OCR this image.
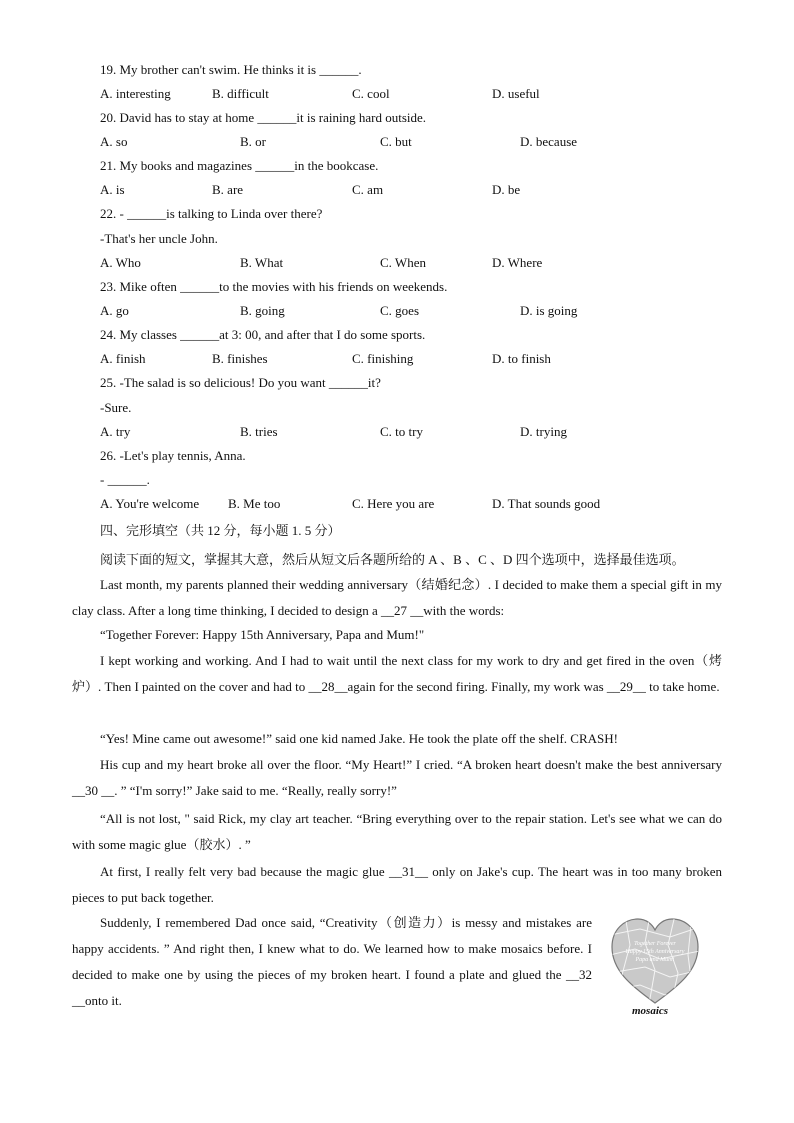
19. My brother can't swim. He thinks it is ______.
A. interesting	B. difficult	C. cool	D. useful
20. David has to stay at home ______it is raining hard outside.
A. so	B. or	C. but	D. because
21. My books and magazines ______in the bookcase.
A. is	B. are	C. am	D. be
22. - ______is talking to Linda over there?
-That's her uncle John.
A. Who	B. What	C. When	D. Where
23. Mike often ______to the movies with his friends on weekends.
A. go	B. going	C. goes	D. is going
24. My classes ______at 3: 00, and after that I do some sports.
A. finish	B. finishes	C. finishing	D. to finish
25. -The salad is so delicious! Do you want ______it?
-Sure.
A. try	B. tries	C. to try	D. trying
26. -Let's play tennis, Anna.
- ______.
A. You're welcome B. Me too	C. Here you are	D. That sounds good
四、完形填空（共 12 分，每小题 1. 5 分）
阅读下面的短文，掌握其大意，然后从短文后各题所给的 A 、B 、C 、D 四个选项中，选择最佳选项。

Last month, my parents planned their wedding anniversary（结婚纪念）. I decided to make them a special gift in my clay class. After a long time thinking, I decided to design a __27 __with the words:

“Together Forever: Happy 15th Anniversary, Papa and Mum!"

I kept working and working. And I had to wait until the next class for my work to dry and get fired in the oven（烤炉）. Then I painted on the cover and had to __28__again for the second firing. Finally, my work was __29__ to take home.

“Yes! Mine came out awesome!” said one kid named Jake. He took the plate off the shelf. CRASH!

His cup and my heart broke all over the floor. “My Heart!” I cried. “A broken heart doesn't make the best anniversary __30 __. ” “I'm sorry!” Jake said to me. “Really, really sorry!”

“All is not lost, " said Rick, my clay art teacher. “Bring everything over to the repair station. Let's see what we can do with some magic glue（胶水）. ”

At first, I really felt very bad because the magic glue __31__ only on Jake's cup. The heart was in too many broken pieces to put back together.

Suddenly, I remembered Dad once said, “Creativity（创造力）is messy and mistakes are happy accidents. ” And right then, I knew what to do. We learned how to make mosaics before. I decided to make one by using the pieces of my broken heart. I found a plate and glued the __32 __onto it.

Together Forever
Happy 15th Anniversary
Papa and Mum!
mosaics
